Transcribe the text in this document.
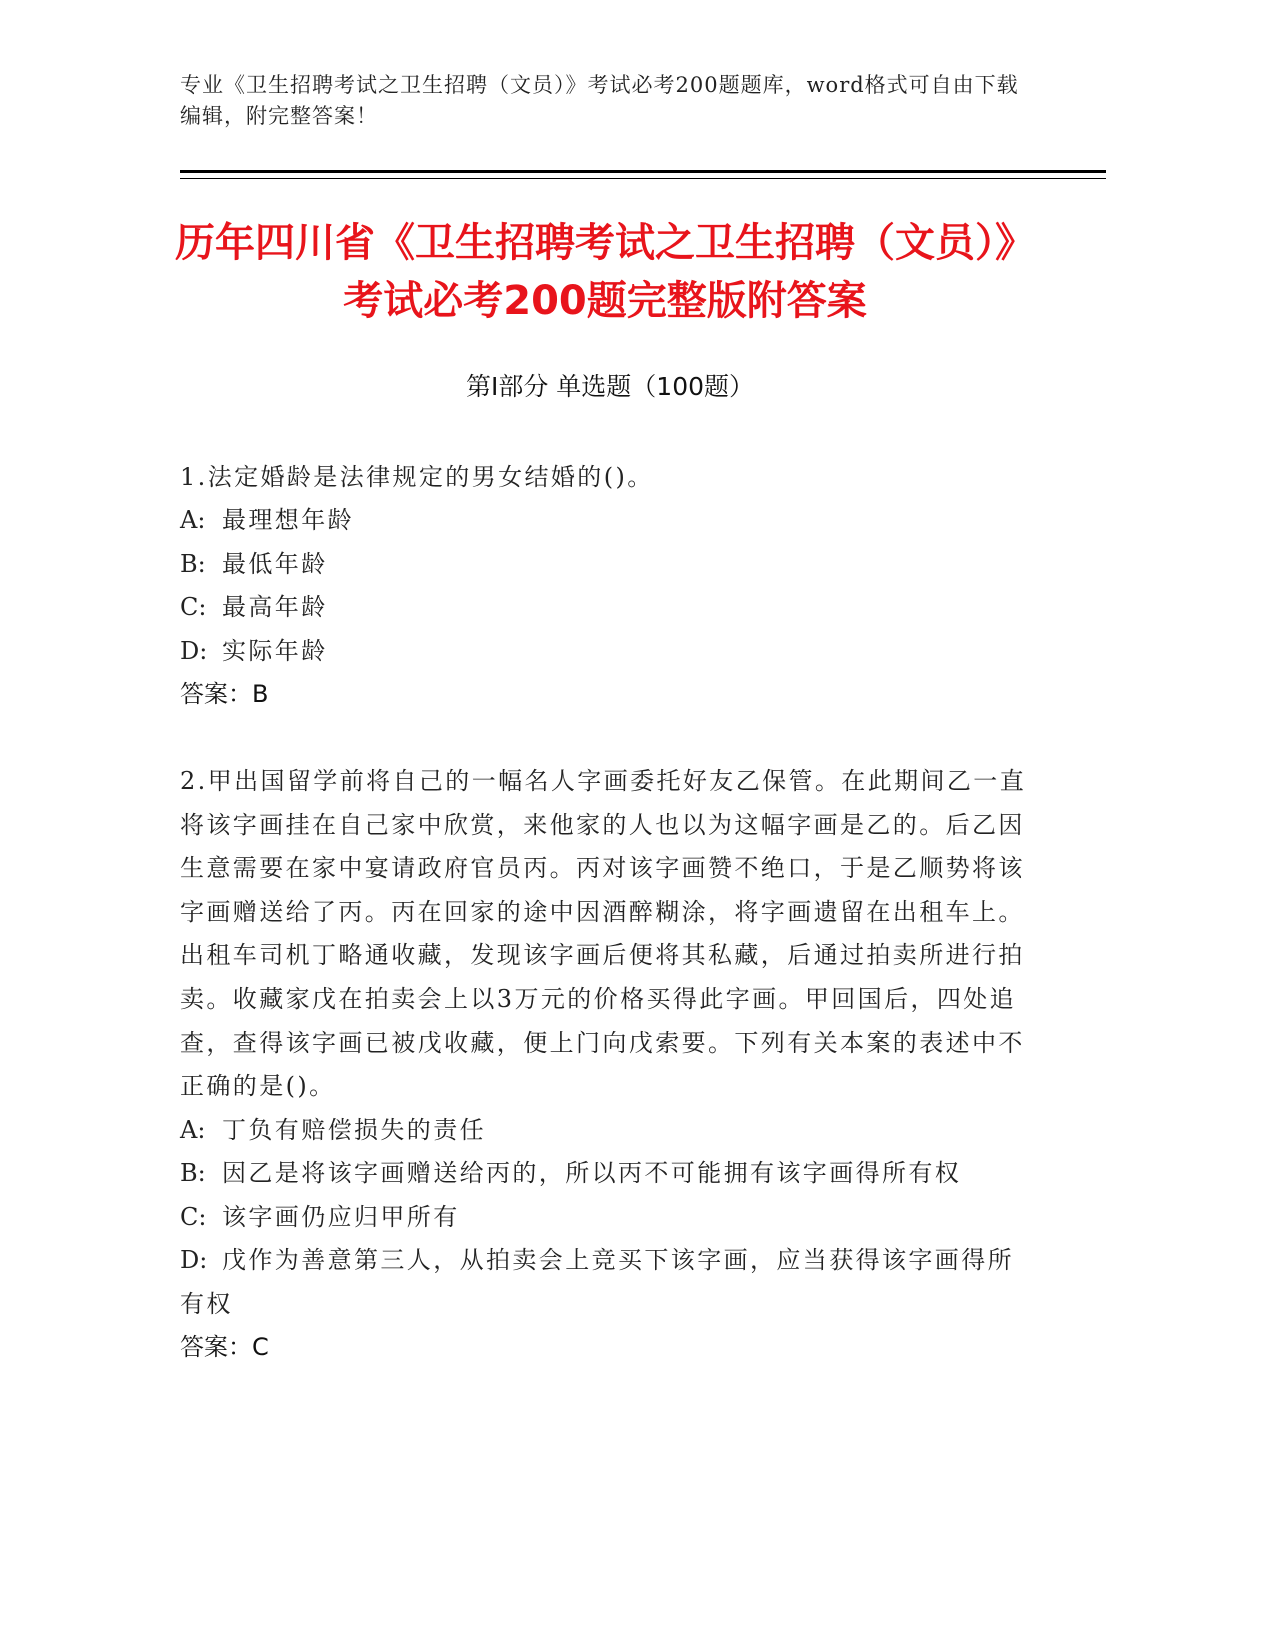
专业《卫生招聘考试之卫生招聘（文员）》考试必考200题题库，word格式可自由下载编辑，附完整答案！
历年四川省《卫生招聘考试之卫生招聘（文员）》考试必考200题完整版附答案
第Ⅰ部分 单选题（100题）
1.法定婚龄是法律规定的男女结婚的()。
A: 最理想年龄
B: 最低年龄
C: 最高年龄
D: 实际年龄
答案：B
2.甲出国留学前将自己的一幅名人字画委托好友乙保管。在此期间乙一直将该字画挂在自己家中欣赏，来他家的人也以为这幅字画是乙的。后乙因生意需要在家中宴请政府官员丙。丙对该字画赞不绝口，于是乙顺势将该字画赠送给了丙。丙在回家的途中因酒醉糊涂，将字画遗留在出租车上。出租车司机丁略通收藏，发现该字画后便将其私藏，后通过拍卖所进行拍卖。收藏家戊在拍卖会上以3万元的价格买得此字画。甲回国后，四处追查，查得该字画已被戊收藏，便上门向戊索要。下列有关本案的表述中不正确的是()。
A: 丁负有赔偿损失的责任
B: 因乙是将该字画赠送给丙的，所以丙不可能拥有该字画得所有权
C: 该字画仍应归甲所有
D: 戊作为善意第三人，从拍卖会上竞买下该字画，应当获得该字画得所有权
答案：C
